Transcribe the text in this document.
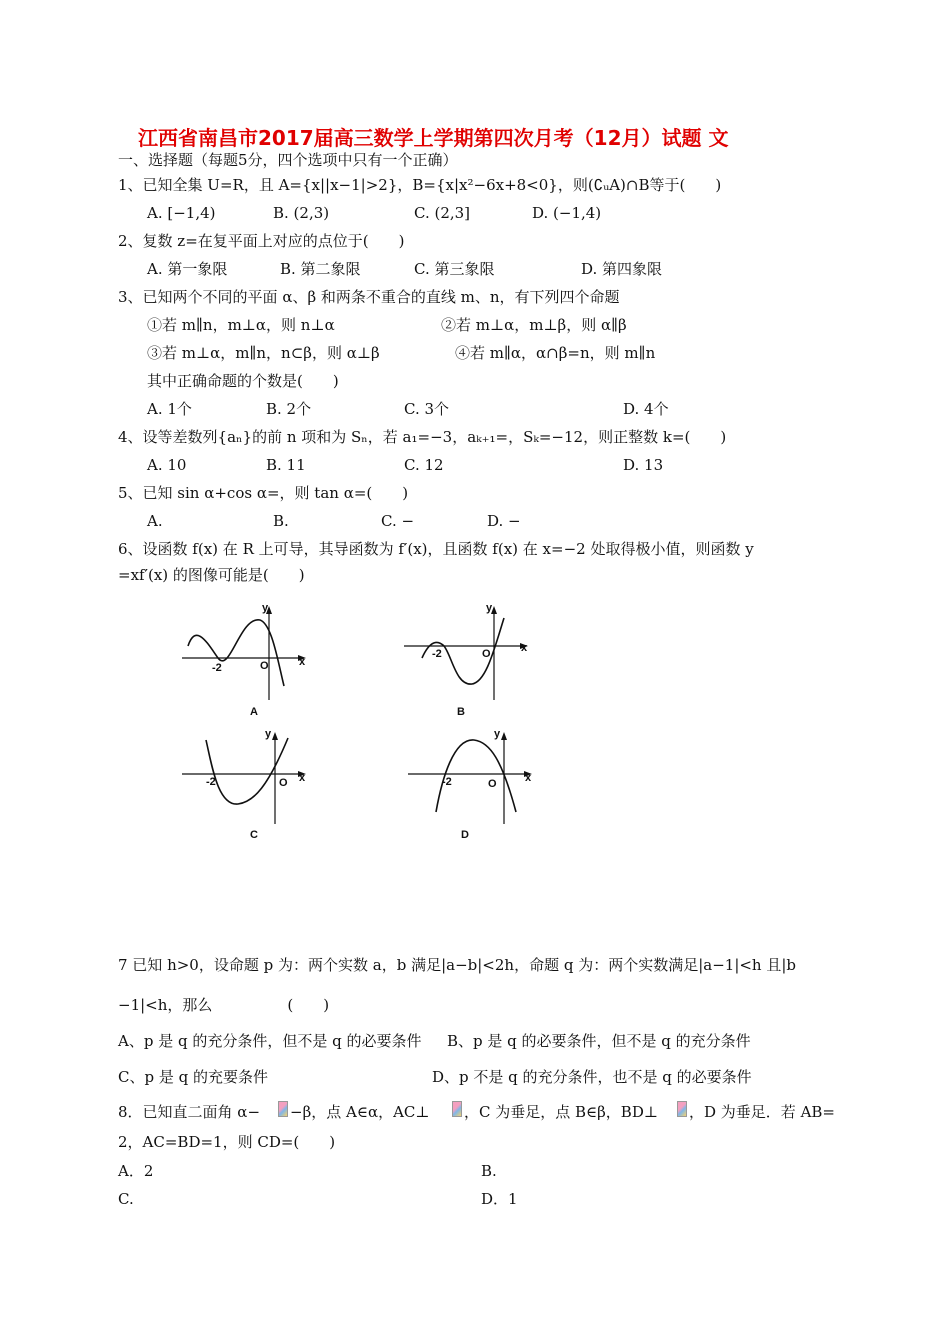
江西省南昌市2017届高三数学上学期第四次月考（12月）试题 文
一、选择题（每题5分，四个选项中只有一个正确）
1、已知全集 U=R，且 A={x||x−1|>2}，B={x|x²−6x+8<0}，则(∁ᵤA)∩B等于(　　)
A. [−1,4)	B. (2,3)	C. (2,3]	D. (−1,4)
2、复数 z=在复平面上对应的点位于(　　)
A. 第一象限	B. 第二象限	C. 第三象限	D. 第四象限
3、已知两个不同的平面 α、β 和两条不重合的直线 m、n，有下列四个命题
①若 m∥n，m⊥α，则 n⊥α	②若 m⊥α，m⊥β，则 α∥β
③若 m⊥α，m∥n，n⊂β，则 α⊥β	④若 m∥α，α∩β=n，则 m∥n
其中正确命题的个数是(　　)
A. 1个	B. 2个	C. 3个	D. 4个
4、设等差数列{aₙ}的前 n 项和为 Sₙ，若 a₁=−3，aₖ₊₁=，Sₖ=−12，则正整数 k=(　　)
A. 10	B. 11	C. 12	D. 13
5、已知 sin α+cos α=，则 tan α=(　　)
A.	B.	C. −	D. −
6、设函数 f(x) 在 R 上可导，其导函数为 f′(x)，且函数 f(x) 在 x=−2 处取得极小值，则函数 y
=xf′(x) 的图像可能是(　　)
y
x
-2	O
A
y
x
-2	O
B
y
x
-2	O
C
y
x
-2	O
D
7 已知 h>0，设命题 p 为：两个实数 a，b 满足|a−b|<2h，命题 q 为：两个实数满足|a−1|<h 且|b
−1|<h，那么　　　　　(　　)
A、p 是 q 的充分条件，但不是 q 的必要条件 B、p 是 q 的必要条件，但不是 q 的充分条件
C、p 是 q 的充要条件	D、p 不是 q 的充分条件，也不是 q 的必要条件
8．已知直二面角 α− −β，点 A∈α，AC⊥ ，C 为垂足，点 B∈β，BD⊥ ，D 为垂足．若 AB=
2，AC=BD=1，则 CD=(　　)
A．2	B.
C.	D．1
